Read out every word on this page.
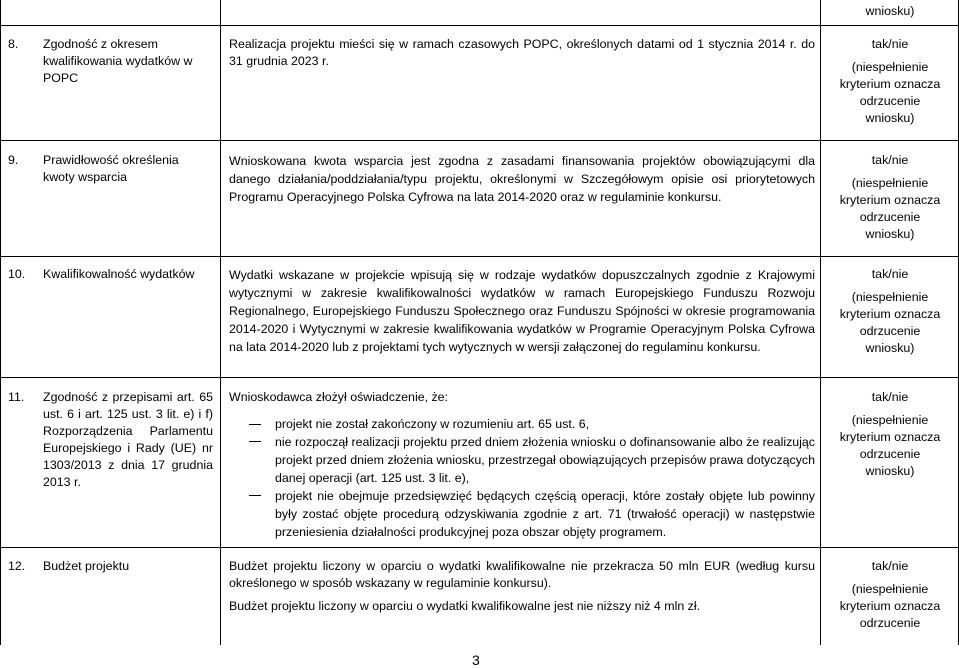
wniosku)
8. Zgodność z okresem kwalifikowania wydatków w POPC
Realizacja projektu mieści się w ramach czasowych POPC, określonych datami od 1 stycznia 2014 r. do 31 grudnia 2023 r.
tak/nie
(niespełnienie
kryterium oznacza
odrzucenie
wniosku)
9. Prawidłowość określenia kwoty wsparcia
Wnioskowana kwota wsparcia jest zgodna z zasadami finansowania projektów obowiązującymi dla danego działania/poddziałania/typu projektu, określonymi w Szczegółowym opisie osi priorytetowych Programu Operacyjnego Polska Cyfrowa na lata 2014-2020 oraz w regulaminie konkursu.
tak/nie
(niespełnienie
kryterium oznacza
odrzucenie
wniosku)
10. Kwalifikowalność wydatków	Wydatki wskazane w projekcie wpisują się w rodzaje wydatków dopuszczalnych zgodnie z Krajowymi wytycznymi w zakresie kwalifikowalności wydatków w ramach Europejskiego Funduszu Rozwoju Regionalnego, Europejskiego Funduszu Społecznego oraz Funduszu Spójności w okresie programowania 2014-2020 i Wytycznymi w zakresie kwalifikowania wydatków w Programie Operacyjnym Polska Cyfrowa na lata 2014-2020 lub z projektami tych wytycznych w wersji załączonej do regulaminu konkursu.
tak/nie
(niespełnienie
kryterium oznacza
odrzucenie
wniosku)
11. Zgodność z przepisami art. 65 ust. 6 i art. 125 ust. 3 lit. e) i f) Rozporządzenia Parlamentu Europejskiego i Rady (UE) nr 1303/2013 z dnia 17 grudnia 2013 r.
Wnioskodawca złożył oświadczenie, że:
projekt nie został zakończony w rozumieniu art. 65 ust. 6,
nie rozpoczął realizacji projektu przed dniem złożenia wniosku o dofinansowanie albo że realizując projekt przed dniem złożenia wniosku, przestrzegał obowiązujących przepisów prawa dotyczących danej operacji (art. 125 ust. 3 lit. e),
projekt nie obejmuje przedsięwzięć będących częścią operacji, które zostały objęte lub powinny były zostać objęte procedurą odzyskiwania zgodnie z art. 71 (trwałość operacji) w następstwie przeniesienia działalności produkcyjnej poza obszar objęty programem.
tak/nie
(niespełnienie
kryterium oznacza
odrzucenie
wniosku)
12. Budżet projektu	Budżet projektu liczony w oparciu o wydatki kwalifikowalne nie przekracza 50 mln EUR (według kursu określonego w sposób wskazany w regulaminie konkursu).
Budżet projektu liczony w oparciu o wydatki kwalifikowalne jest nie niższy niż 4 mln zł.
tak/nie
(niespełnienie
kryterium oznacza
odrzucenie
3
